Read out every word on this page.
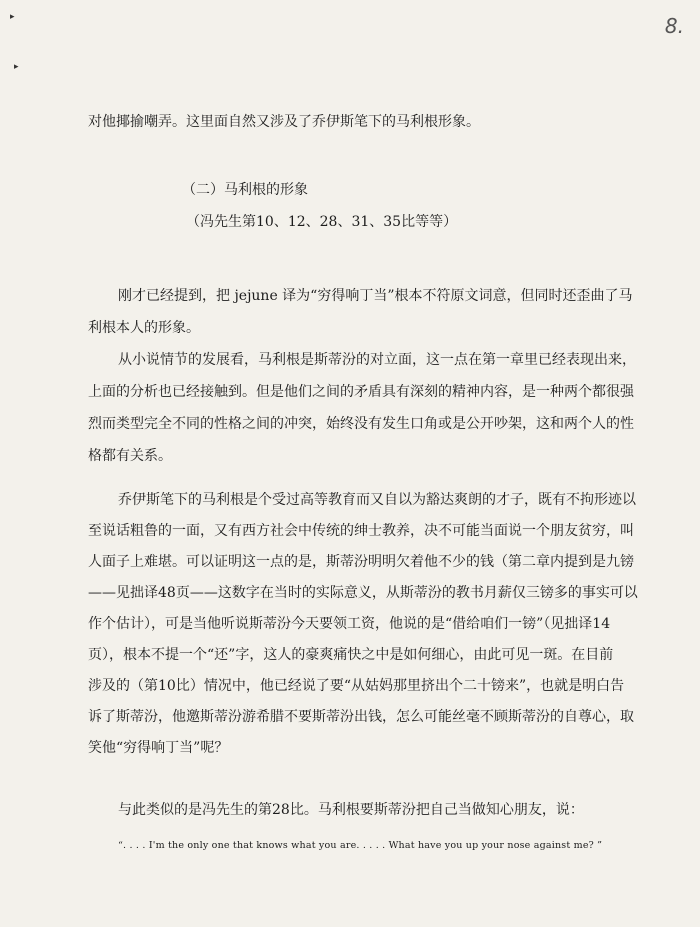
▸
▸
8.
对他揶揄嘲弄。这里面自然又涉及了乔伊斯笔下的马利根形象。
（二）马利根的形象
（冯先生第10、12、28、31、35比等等）
刚才已经提到，把 jejune 译为“穷得响丁当”根本不符原文词意，但同时还歪曲了马
利根本人的形象。
从小说情节的发展看，马利根是斯蒂汾的对立面，这一点在第一章里已经表现出来，
上面的分析也已经接触到。但是他们之间的矛盾具有深刻的精神内容，是一种两个都很强
烈而类型完全不同的性格之间的冲突，始终没有发生口角或是公开吵架，这和两个人的性
格都有关系。
乔伊斯笔下的马利根是个受过高等教育而又自以为豁达爽朗的才子，既有不拘形迹以
至说话粗鲁的一面，又有西方社会中传统的绅士教养，决不可能当面说一个朋友贫穷，叫
人面子上难堪。可以证明这一点的是，斯蒂汾明明欠着他不少的钱（第二章内提到是九镑
——见拙译48页——这数字在当时的实际意义，从斯蒂汾的教书月薪仅三镑多的事实可以
作个估计），可是当他听说斯蒂汾今天要领工资，他说的是“借给咱们一镑”（见拙译14
页），根本不提一个“还”字，这人的豪爽痛快之中是如何细心，由此可见一斑。在目前
涉及的（第10比）情况中，他已经说了要“从姑妈那里挤出个二十镑来”，也就是明白告
诉了斯蒂汾，他邀斯蒂汾游希腊不要斯蒂汾出钱，怎么可能丝毫不顾斯蒂汾的自尊心，取
笑他“穷得响丁当”呢？
与此类似的是冯先生的第28比。马利根要斯蒂汾把自己当做知心朋友，说：
“. . . . I'm the only one that knows what you are. . . . . What have you up your nose against me? ”
